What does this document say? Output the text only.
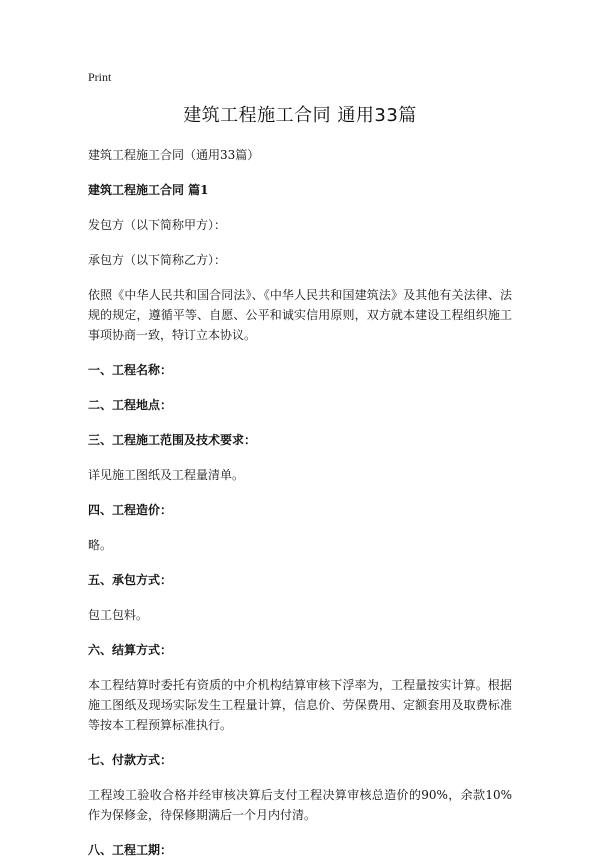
Print
建筑工程施工合同 通用33篇

建筑工程施工合同（通用33篇）

建筑工程施工合同 篇1

发包方（以下简称甲方）：

承包方（以下简称乙方）：

依照《中华人民共和国合同法》、《中华人民共和国建筑法》及其他有关法律、法规的规定，遵循平等、自愿、公平和诚实信用原则，双方就本建设工程组织施工事项协商一致，特订立本协议。

一、工程名称：

二、工程地点：

三、工程施工范围及技术要求：

详见施工图纸及工程量清单。

四、工程造价：

略。

五、承包方式：

包工包料。

六、结算方式：

本工程结算时委托有资质的中介机构结算审核下浮率为，工程量按实计算。根据施工图纸及现场实际发生工程量计算，信息价、劳保费用、定额套用及取费标准等按本工程预算标准执行。

七、付款方式：

工程竣工验收合格并经审核决算后支付工程决算审核总造价的90%，余款10%作为保修金，待保修期满后一个月内付清。

八、工程工期：
